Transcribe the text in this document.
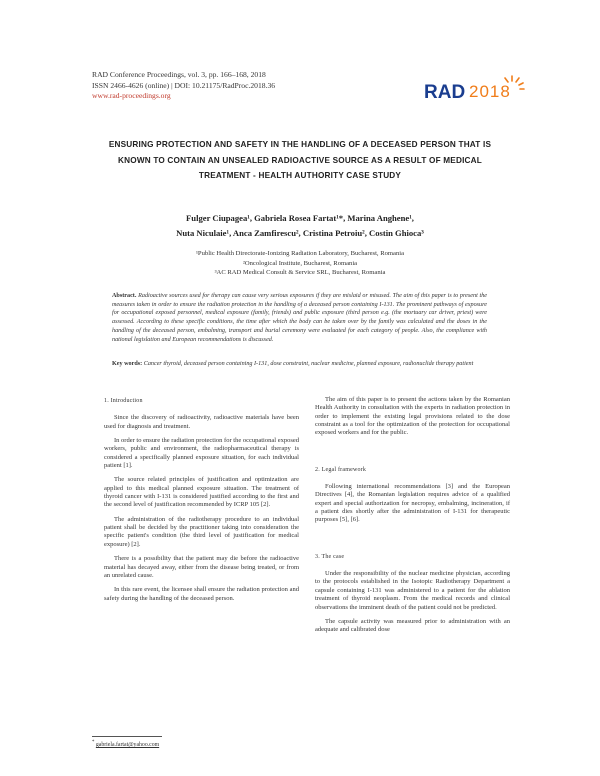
RAD Conference Proceedings, vol. 3, pp. 166–168, 2018
ISSN 2466-4626 (online) | DOI: 10.21175/RadProc.2018.36
www.rad-proceedings.org	RAD 2018
ENSURING PROTECTION AND SAFETY IN THE HANDLING OF A DECEASED PERSON THAT IS
KNOWN TO CONTAIN AN UNSEALED RADIOACTIVE SOURCE AS A RESULT OF MEDICAL
TREATMENT - HEALTH AUTHORITY CASE STUDY
Fulger Ciupagea¹, Gabriela Roseа Fartat¹*, Marina Anghene¹,
Nuta Niculaie¹, Anca Zamfirescu², Cristina Petroiu², Costin Ghioca³
¹Public Health Directorate-Ionizing Radiation Laboratory, Bucharest, Romania
²Oncological Institute, Bucharest, Romania
³AC RAD Medical Consult & Service SRL, Bucharest, Romania
Abstract. Radioactive sources used for therapy can cause very serious exposures if they are mislaid or misused. The aim of this paper is to present the measures taken in order to ensure the radiation protection in the handling of a deceased person containing I-131. The prominent pathways of exposure for occupational exposed personnel, medical exposure (family, friends) and public exposure (third person e.g. (the mortuary car driver, priest) were assessed. According to these specific conditions, the time after which the body can be taken over by the family was calculated and the doses in the handling of the deceased person, embalming, transport and burial ceremony were evaluated for each category of people. Also, the compliance with national legislation and European recommendations is discussed.
Key words: Cancer thyroid, deceased person containing I-131, dose constraint, nuclear medicine, planned exposure, radionuclide therapy patient
1. Introduction

Since the discovery of radioactivity, radioactive materials have been used for diagnosis and treatment.

In order to ensure the radiation protection for the occupational exposed workers, public and environment, the radiopharmaceutical therapy is considered a specifically planned exposure situation, for each individual patient [1].

The source related principles of justification and optimization are applied to this medical planned exposure situation. The treatment of thyroid cancer with I-131 is considered justified according to the first and the second level of justification recommended by ICRP 105 [2].

The administration of the radiotherapy procedure to an individual patient shall be decided by the practitioner taking into consideration the specific patient's condition (the third level of justification for medical exposure) [2].

There is a possibility that the patient may die before the radioactive material has decayed away, either from the disease being treated, or from an unrelated cause.

In this rare event, the licensee shall ensure the radiation protection and safety during the handling of the deceased person.

The aim of this paper is to present the actions taken by the Romanian Health Authority in consultation with the experts in radiation protection in order to implement the existing legal provisions related to the dose constraint as a tool for the optimization of the protection for occupational exposed workers and for the public.

2. Legal framework

Following international recommendations [3] and the European Directives [4], the Romanian legislation requires advice of a qualified expert and special authorization for necropsy, embalming, incineration, if a patient dies shortly after the administration of I-131 for therapeutic purposes [5], [6].

3. The case

Under the responsibility of the nuclear medicine physician, according to the protocols established in the Isotopic Radiotherapy Department a capsule containing I-131 was administered to a patient for the ablation treatment of thyroid neoplasm. From the medical records and clinical observations the imminent death of the patient could not be predicted.

The capsule activity was measured prior to administration with an adequate and calibrated dose

* gabriela.fartat@yahoo.com
